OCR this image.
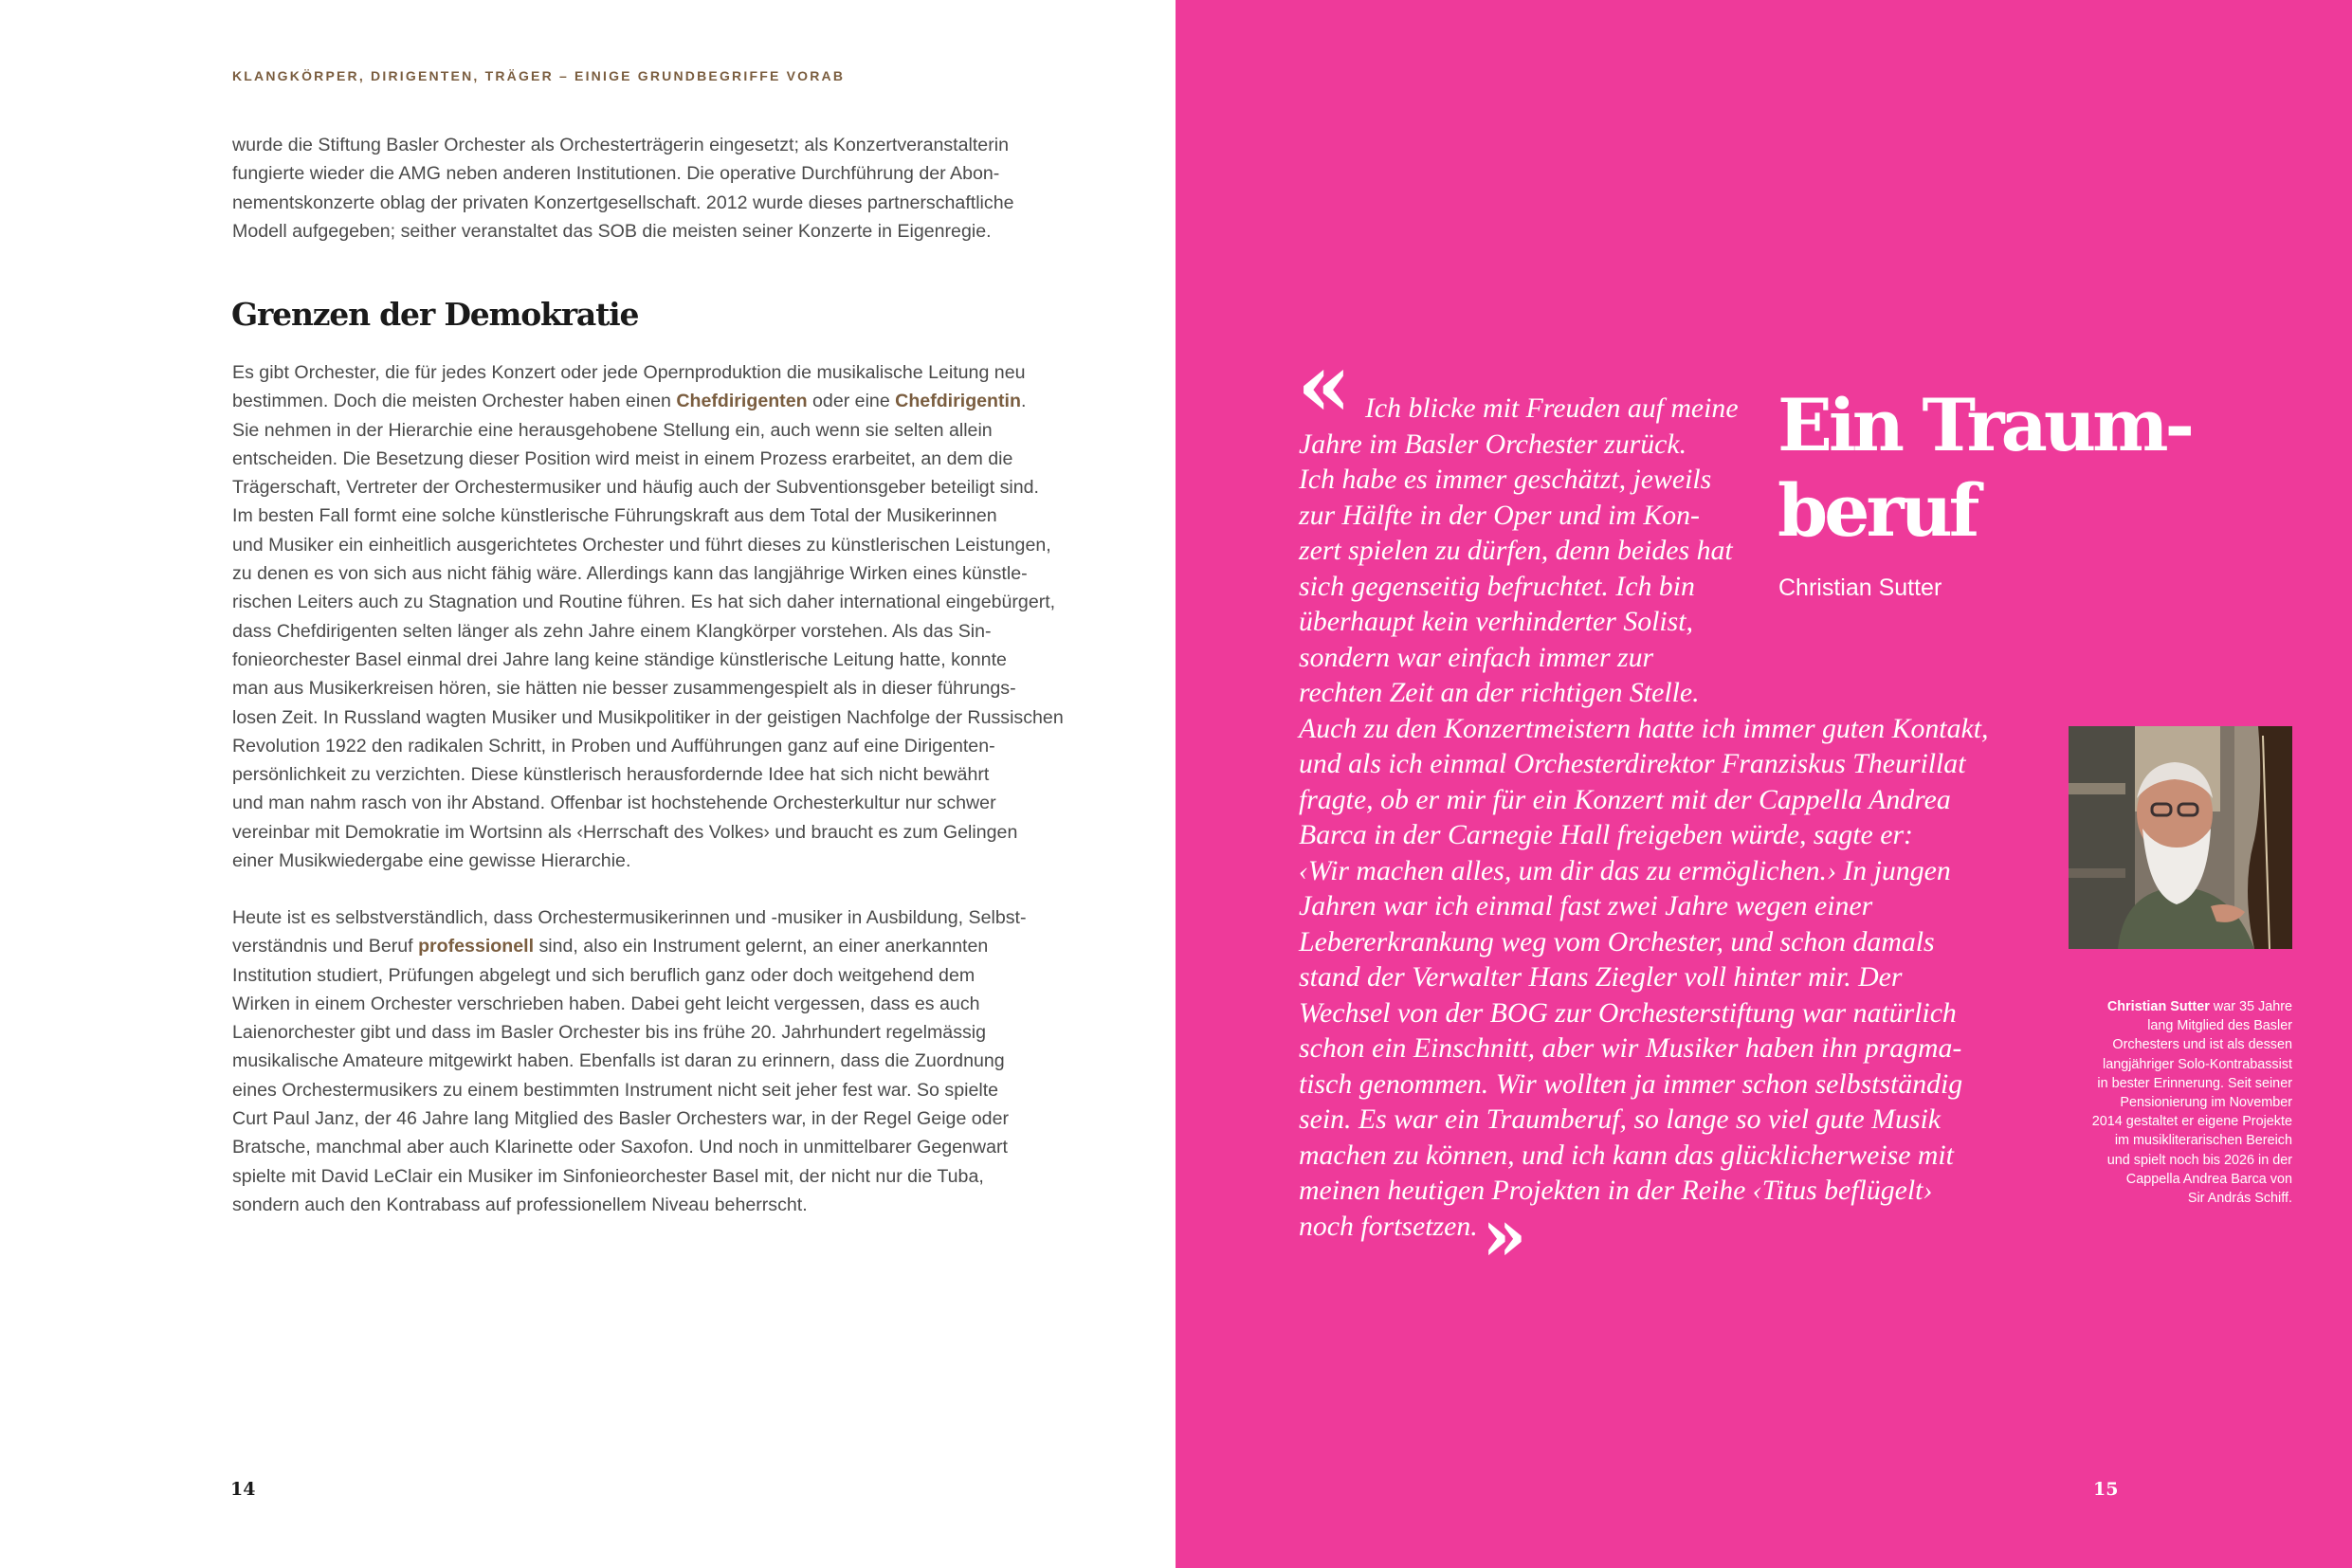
KLANGKÖRPER, DIRIGENTEN, TRÄGER – EINIGE GRUNDBEGRIFFE VORAB
wurde die Stiftung Basler Orchester als Orchesterträgerin eingesetzt; als Konzertveranstalterin
fungierte wieder die AMG neben anderen Institutionen. Die operative Durchführung der Abon-
nementskonzerte oblag der privaten Konzertgesellschaft. 2012 wurde dieses partnerschaftliche
Modell aufgegeben; seither veranstaltet das SOB die meisten seiner Konzerte in Eigenregie.
Grenzen der Demokratie
Es gibt Orchester, die für jedes Konzert oder jede Opernproduktion die musikalische Leitung neu
bestimmen. Doch die meisten Orchester haben einen Chefdirigenten oder eine Chefdirigentin.
Sie nehmen in der Hierarchie eine herausgehobene Stellung ein, auch wenn sie selten allein
entscheiden. Die Besetzung dieser Position wird meist in einem Prozess erarbeitet, an dem die
Trägerschaft, Vertreter der Orchestermusiker und häufig auch der Subventionsgeber beteiligt sind.
Im besten Fall formt eine solche künstlerische Führungskraft aus dem Total der Musikerinnen
und Musiker ein einheitlich ausgerichtetes Orchester und führt dieses zu künstlerischen Leistungen,
zu denen es von sich aus nicht fähig wäre. Allerdings kann das langjährige Wirken eines künstle-
rischen Leiters auch zu Stagnation und Routine führen. Es hat sich daher international eingebürgert,
dass Chefdirigenten selten länger als zehn Jahre einem Klangkörper vorstehen. Als das Sin-
fonieorchester Basel einmal drei Jahre lang keine ständige künstlerische Leitung hatte, konnte
man aus Musikerkreisen hören, sie hätten nie besser zusammengespielt als in dieser führungs-
losen Zeit. In Russland wagten Musiker und Musikpolitiker in der geistigen Nachfolge der Russischen
Revolution 1922 den radikalen Schritt, in Proben und Aufführungen ganz auf eine Dirigenten-
persönlichkeit zu verzichten. Diese künstlerisch herausfordernde Idee hat sich nicht bewährt
und man nahm rasch von ihr Abstand. Offenbar ist hochstehende Orchesterkultur nur schwer
vereinbar mit Demokratie im Wortsinn als ‹Herrschaft des Volkes› und braucht es zum Gelingen
einer Musikwiedergabe eine gewisse Hierarchie.
Heute ist es selbstverständlich, dass Orchestermusikerinnen und -musiker in Ausbildung, Selbst-
verständnis und Beruf professionell sind, also ein Instrument gelernt, an einer anerkannten
Institution studiert, Prüfungen abgelegt und sich beruflich ganz oder doch weitgehend dem
Wirken in einem Orchester verschrieben haben. Dabei geht leicht vergessen, dass es auch
Laienorchester gibt und dass im Basler Orchester bis ins frühe 20. Jahrhundert regelmässig
musikalische Amateure mitgewirkt haben. Ebenfalls ist daran zu erinnern, dass die Zuordnung
eines Orchestermusikers zu einem bestimmten Instrument nicht seit jeher fest war. So spielte
Curt Paul Janz, der 46 Jahre lang Mitglied des Basler Orchesters war, in der Regel Geige oder
Bratsche, manchmal aber auch Klarinette oder Saxofon. Und noch in unmittelbarer Gegenwart
spielte mit David LeClair ein Musiker im Sinfonieorchester Basel mit, der nicht nur die Tuba,
sondern auch den Kontrabass auf professionellem Niveau beherrscht.
14
« Ich blicke mit Freuden auf meine
Jahre im Basler Orchester zurück.
Ich habe es immer geschätzt, jeweils
zur Hälfte in der Oper und im Kon-
zert spielen zu dürfen, denn beides hat
sich gegenseitig befruchtet. Ich bin
überhaupt kein verhinderter Solist,
sondern war einfach immer zur
rechten Zeit an der richtigen Stelle.
Auch zu den Konzertmeistern hatte ich immer guten Kontakt,
und als ich einmal Orchesterdirektor Franziskus Theurillat
fragte, ob er mir für ein Konzert mit der Cappella Andrea
Barca in der Carnegie Hall freigeben würde, sagte er:
‹Wir machen alles, um dir das zu ermöglichen.› In jungen
Jahren war ich einmal fast zwei Jahre wegen einer
Lebererkrankung weg vom Orchester, und schon damals
stand der Verwalter Hans Ziegler voll hinter mir. Der
Wechsel von der BOG zur Orchesterstiftung war natürlich
schon ein Einschnitt, aber wir Musiker haben ihn pragma-
tisch genommen. Wir wollten ja immer schon selbstständig
sein. Es war ein Traumberuf, so lange so viel gute Musik
machen zu können, und ich kann das glücklicherweise mit
meinen heutigen Projekten in der Reihe ‹Titus beflügelt›
noch fortsetzen. »
Ein Traum-
beruf
Christian Sutter
Christian Sutter war 35 Jahre
lang Mitglied des Basler
Orchesters und ist als dessen
langjähriger Solo-Kontrabassist
in bester Erinnerung. Seit seiner
Pensionierung im November
2014 gestaltet er eigene Projekte
im musikliterarischen Bereich
und spielt noch bis 2026 in der
Cappella Andrea Barca von
Sir András Schiff.
15
